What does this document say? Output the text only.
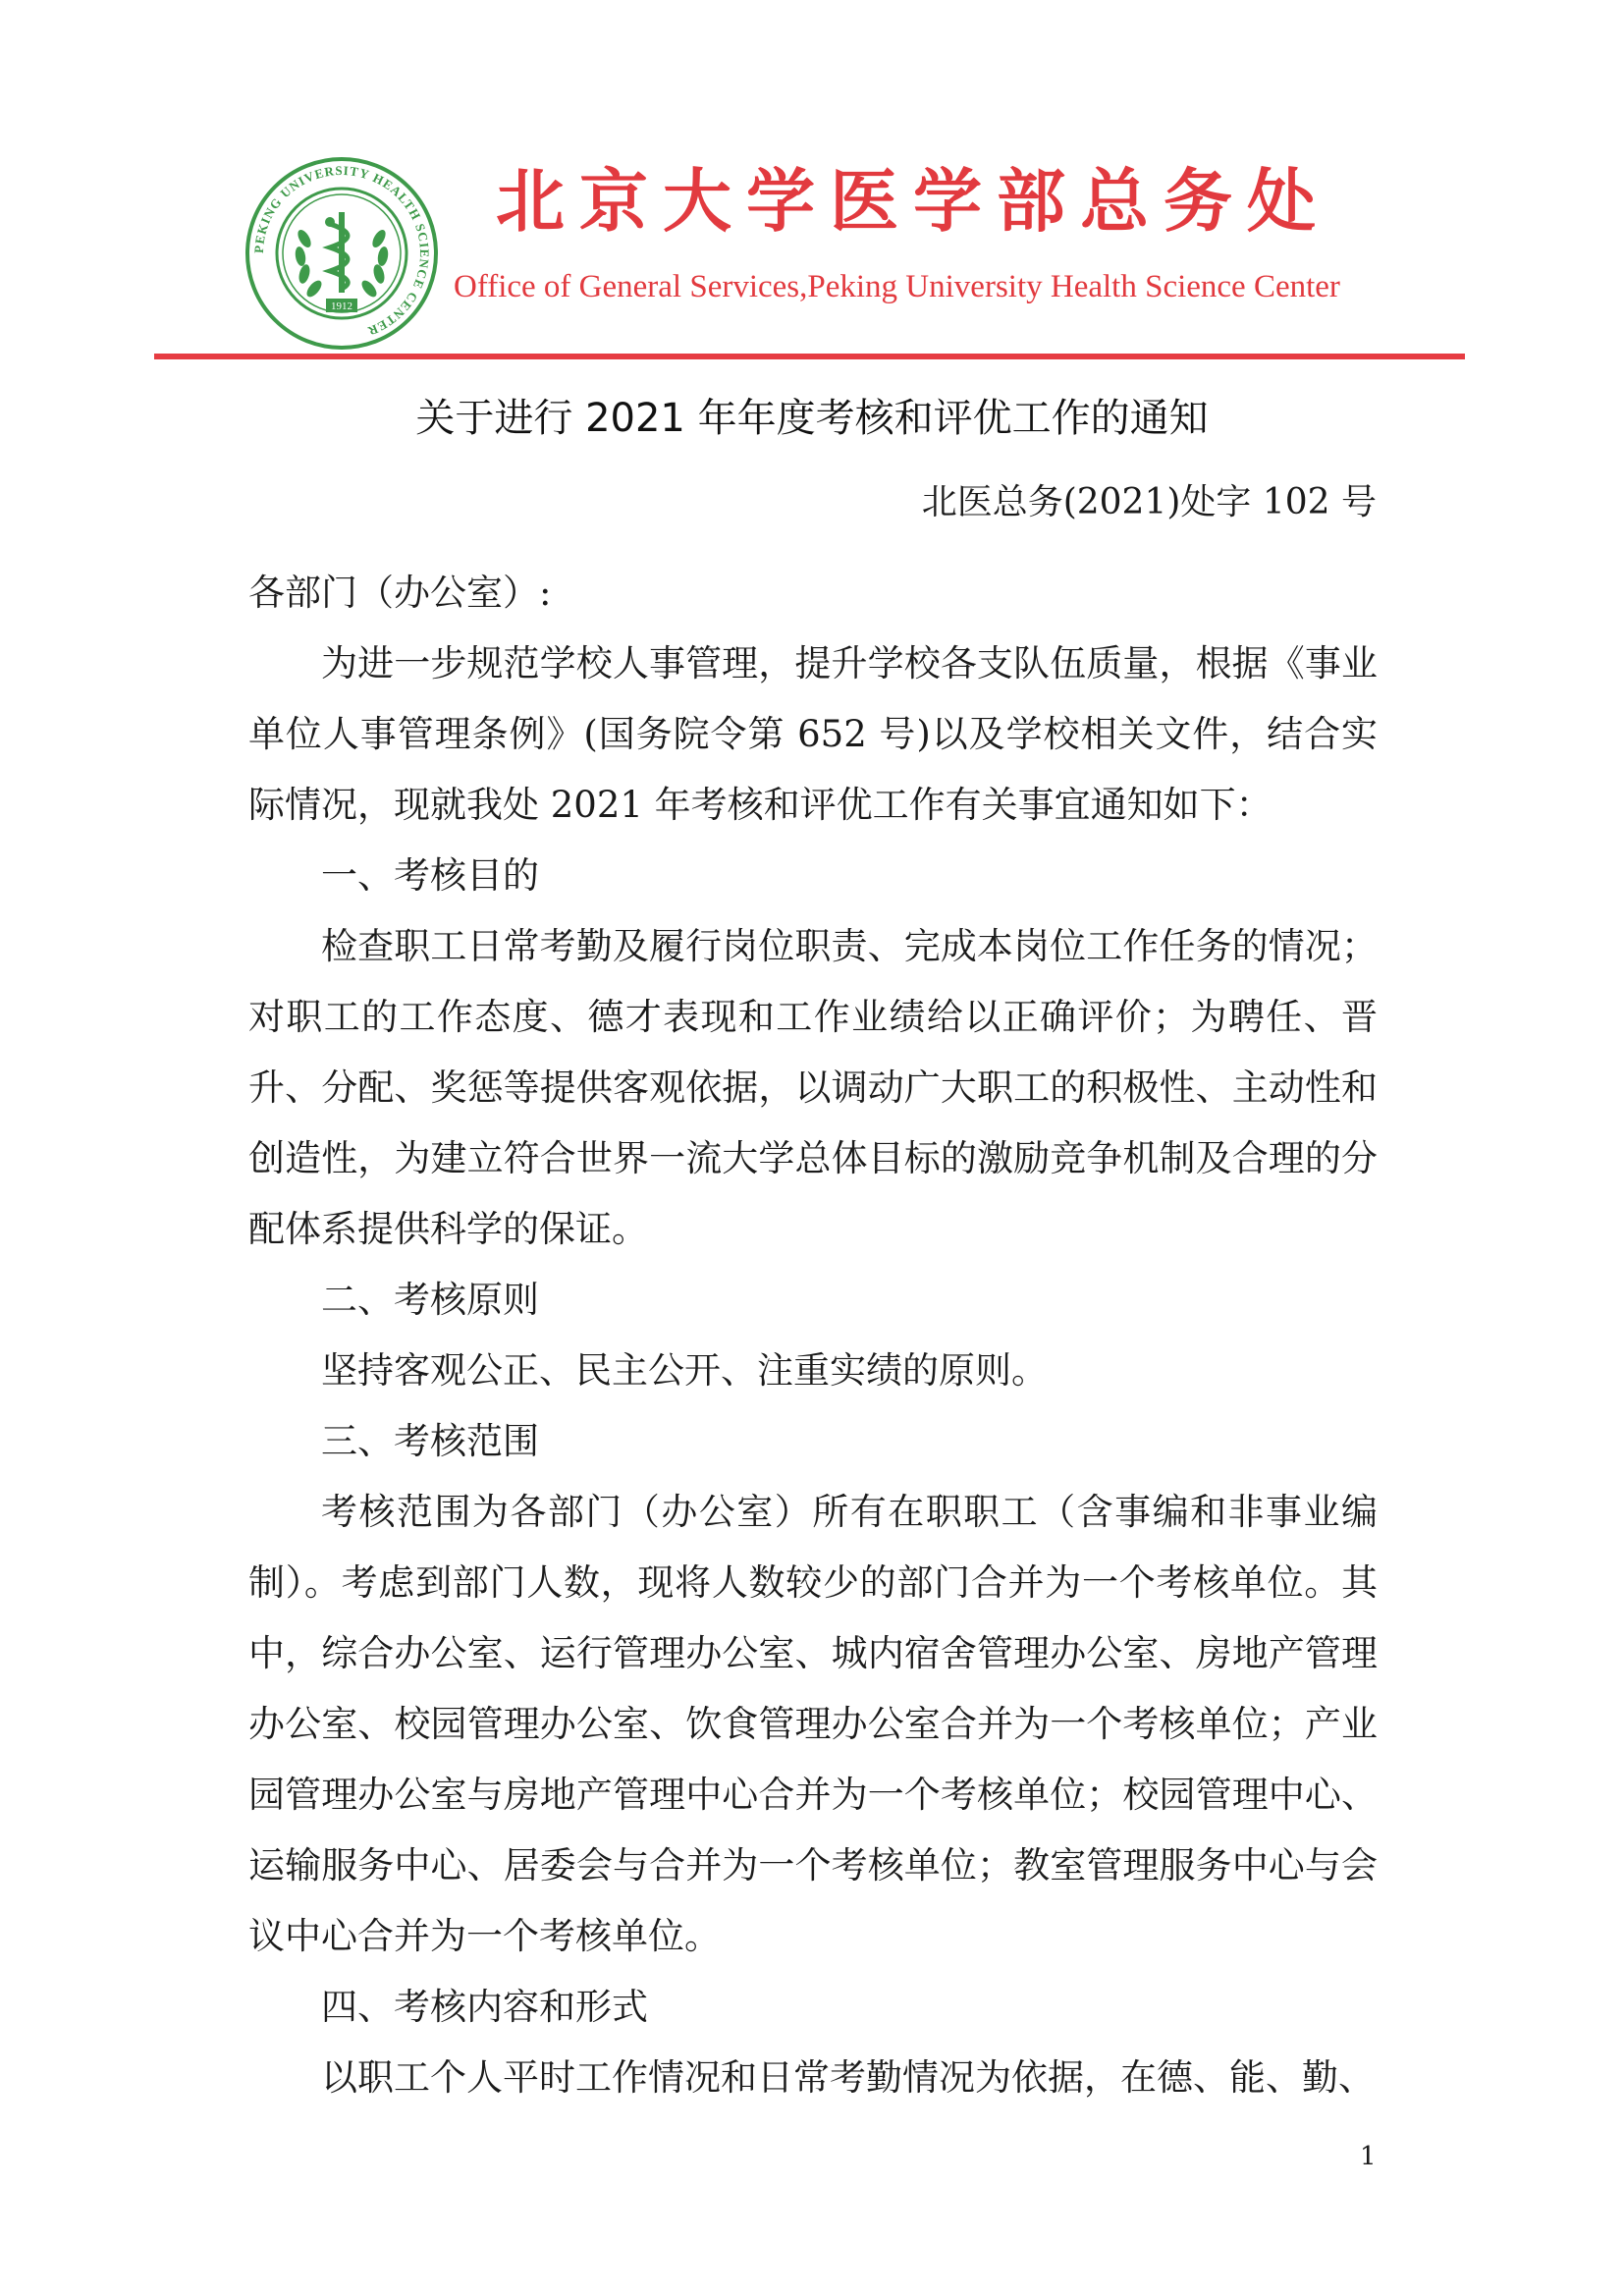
PEKING UNIVERSITY HEALTH SCIENCE CENTER
1912
北京大学医学部总务处
Office of General Services,Peking University Health Science Center
关于进行 2021 年年度考核和评优工作的通知
北医总务(2021)处字 102 号

各部门（办公室）:

为进一步规范学校人事管理，提升学校各支队伍质量，根据《事业单位人事管理条例》(国务院令第 652 号)以及学校相关文件，结合实际情况，现就我处 2021 年考核和评优工作有关事宜通知如下：

一、考核目的

检查职工日常考勤及履行岗位职责、完成本岗位工作任务的情况；对职工的工作态度、德才表现和工作业绩给以正确评价；为聘任、晋升、分配、奖惩等提供客观依据，以调动广大职工的积极性、主动性和创造性，为建立符合世界一流大学总体目标的激励竞争机制及合理的分配体系提供科学的保证。

二、考核原则

坚持客观公正、民主公开、注重实绩的原则。

三、考核范围

考核范围为各部门（办公室）所有在职职工（含事编和非事业编制）。考虑到部门人数，现将人数较少的部门合并为一个考核单位。其中，综合办公室、运行管理办公室、城内宿舍管理办公室、房地产管理办公室、校园管理办公室、饮食管理办公室合并为一个考核单位；产业园管理办公室与房地产管理中心合并为一个考核单位；校园管理中心、运输服务中心、居委会与合并为一个考核单位；教室管理服务中心与会议中心合并为一个考核单位。

四、考核内容和形式

以职工个人平时工作情况和日常考勤情况为依据，在德、能、勤、

1
